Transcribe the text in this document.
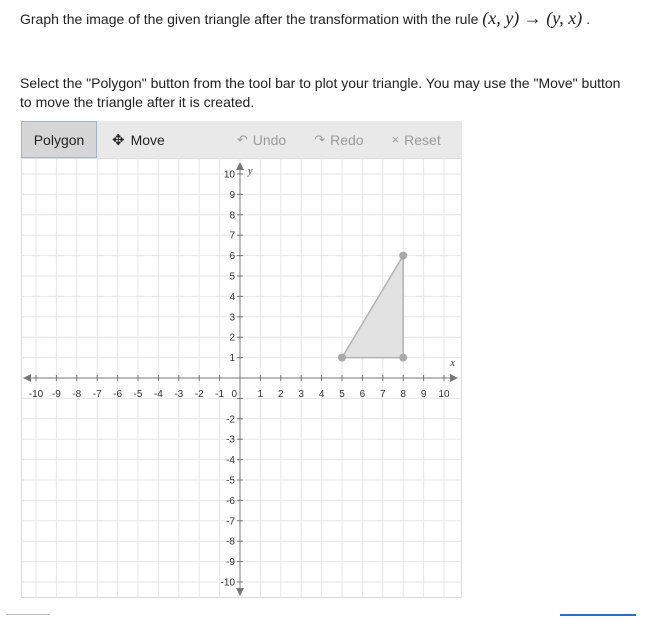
Graph the image of the given triangle after the transformation with the rule (x, y) → (y, x) .
Select the "Polygon" button from the tool bar to plot your triangle. You may use the "Move" button to move the triangle after it is created.
Polygon ✥ Move	↶ Undo ↷ Redo × Reset
-10 -9 -8 -7 -6 -5 -4 -3 -2 -1	1 2 3 4 5 6 7 8 9 10
10
9
8
7
6
5
4
3
2
1
-2
-3
-4
-5
-6
-7
-8
-9
-10
0
x
y
